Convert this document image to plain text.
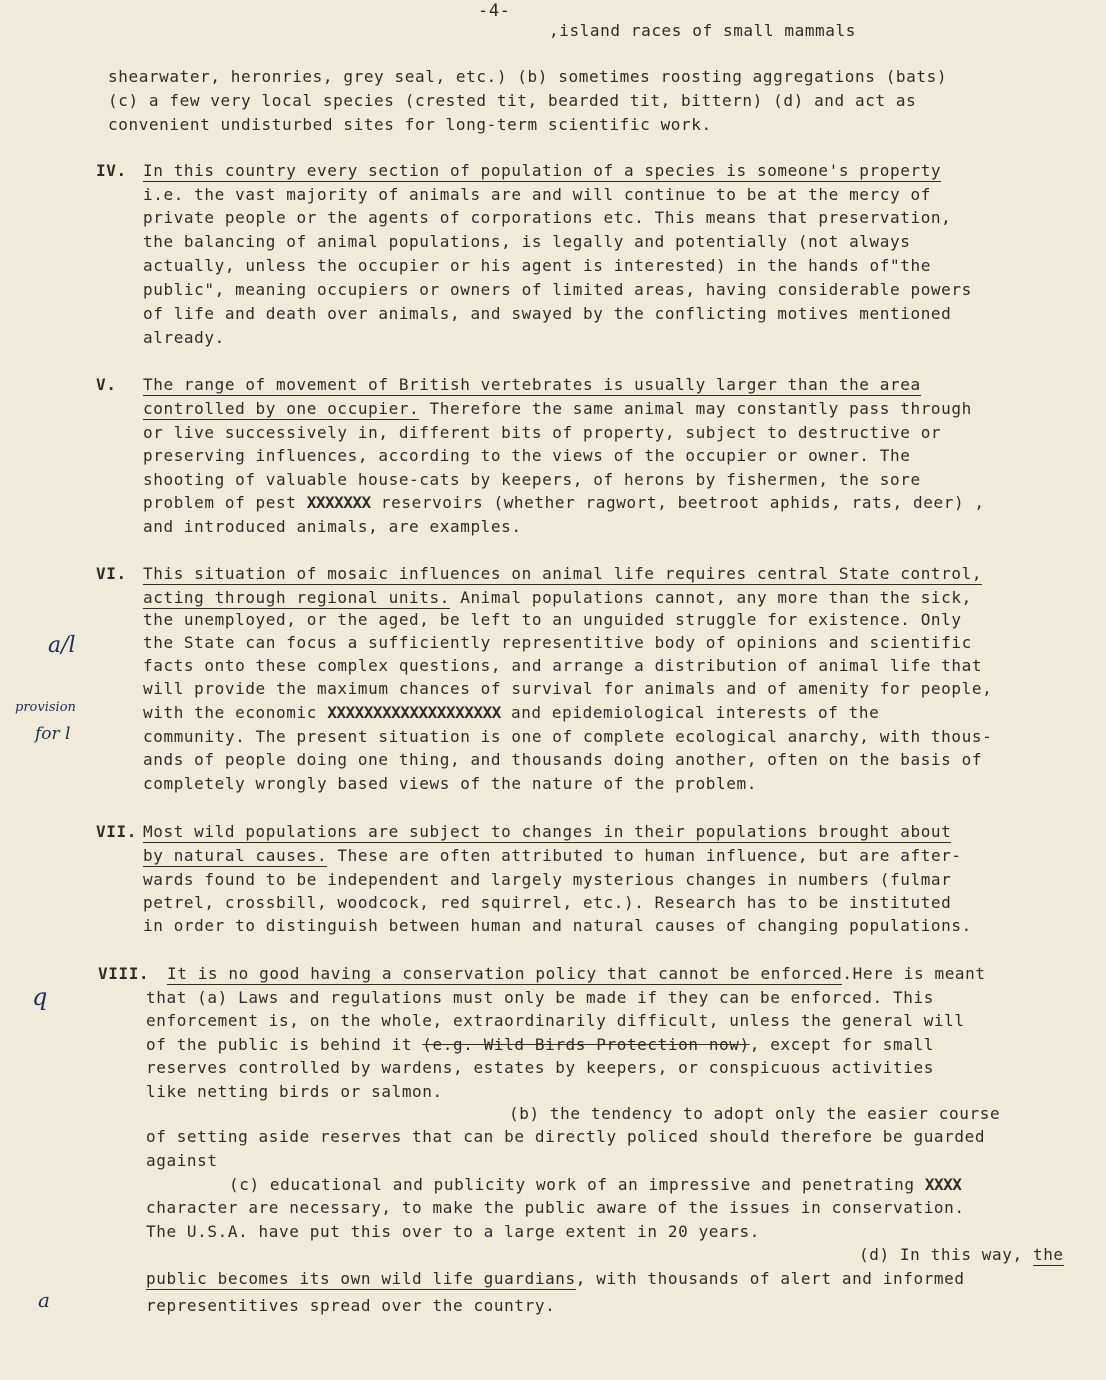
-4-
,island races of small mammals
a/l
provision
for l
q
a
shearwater, heronries, grey seal, etc.) (b) sometimes roosting aggregations (bats)
(c) a few very local species (crested tit, bearded tit, bittern) (d) and act as
convenient undisturbed sites for long-term scientific work.
IV. In this country every section of population of a species is someone's property
i.e. the vast majority of animals are and will continue to be at the mercy of
private people or the agents of corporations etc. This means that preservation,
the balancing of animal populations, is legally and potentially (not always
actually, unless the occupier or his agent is interested) in the hands of"the
public", meaning occupiers or owners of limited areas, having considerable powers
of life and death over animals, and swayed by the conflicting motives mentioned
already.
V. The range of movement of British vertebrates is usually larger than the area
controlled by one occupier. Therefore the same animal may constantly pass through
or live successively in, different bits of property, subject to destructive or
preserving influences, according to the views of the occupier or owner. The
shooting of valuable house-cats by keepers, of herons by fishermen, the sore
problem of pest XXXXXXX reservoirs (whether ragwort, beetroot aphids, rats, deer) ,
and introduced animals, are examples.
VI. This situation of mosaic influences on animal life requires central State control,
acting through regional units. Animal populations cannot, any more than the sick,
the unemployed, or the aged, be left to an unguided struggle for existence. Only
the State can focus a sufficiently representitive body of opinions and scientific
facts onto these complex questions, and arrange a distribution of animal life that
will provide the maximum chances of survival for animals and of amenity for people,
with the economic XXXXXXXXXXXXXXXXXXX and epidemiological interests of the
community. The present situation is one of complete ecological anarchy, with thous-
ands of people doing one thing, and thousands doing another, often on the basis of
completely wrongly based views of the nature of the problem.
VII. Most wild populations are subject to changes in their populations brought about
by natural causes. These are often attributed to human influence, but are after-
wards found to be independent and largely mysterious changes in numbers (fulmar
petrel, crossbill, woodcock, red squirrel, etc.). Research has to be instituted
in order to distinguish between human and natural causes of changing populations.
VIII. It is no good having a conservation policy that cannot be enforced.Here is meant
that (a) Laws and regulations must only be made if they can be enforced. This
enforcement is, on the whole, extraordinarily difficult, unless the general will
of the public is behind it (e.g. Wild Birds Protection now), except for small
reserves controlled by wardens, estates by keepers, or conspicuous activities
like netting birds or salmon.
(b) the tendency to adopt only the easier course
of setting aside reserves that can be directly policed should therefore be guarded
against
(c) educational and publicity work of an impressive and penetrating XXXX
character are necessary, to make the public aware of the issues in conservation.
The U.S.A. have put this over to a large extent in 20 years.
(d) In this way, the
public becomes its own wild life guardians, with thousands of alert and informed
representitives spread over the country.
